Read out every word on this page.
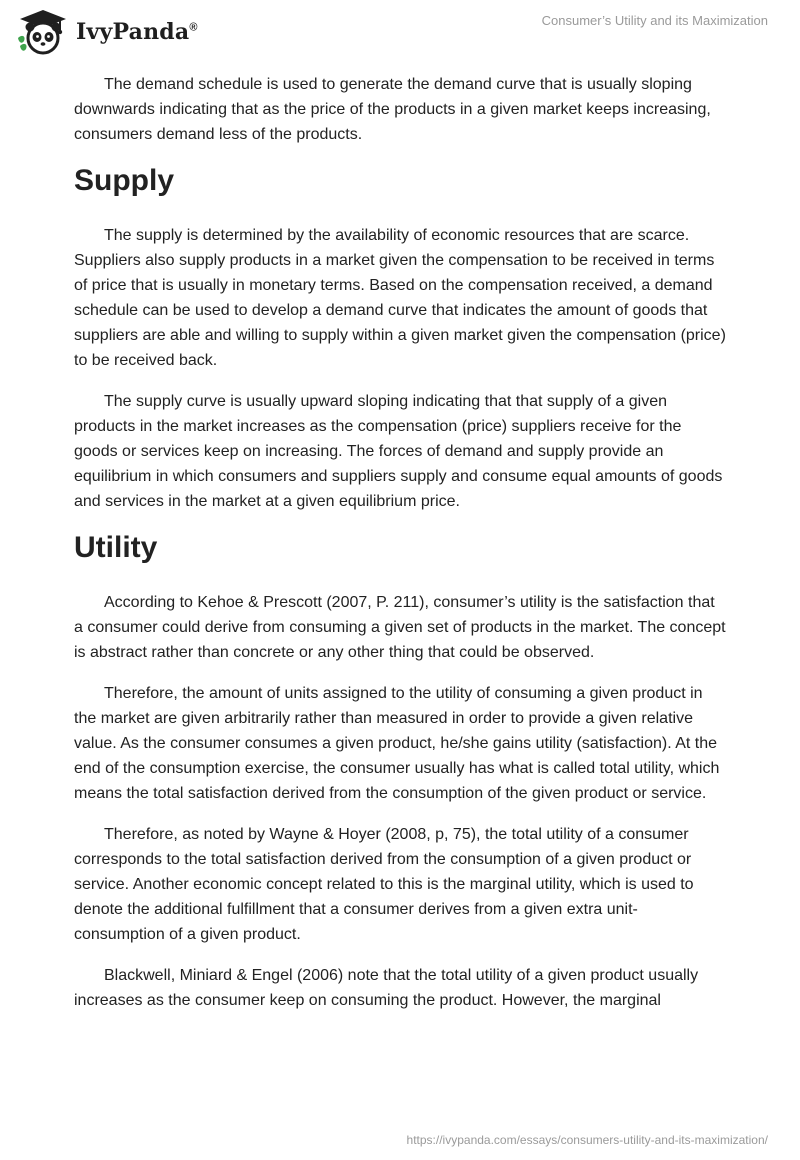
IvyPanda®	Consumer’s Utility and its Maximization

The demand schedule is used to generate the demand curve that is usually sloping downwards indicating that as the price of the products in a given market keeps increasing, consumers demand less of the products.

Supply

The supply is determined by the availability of economic resources that are scarce. Suppliers also supply products in a market given the compensation to be received in terms of price that is usually in monetary terms. Based on the compensation received, a demand schedule can be used to develop a demand curve that indicates the amount of goods that suppliers are able and willing to supply within a given market given the compensation (price) to be received back.

The supply curve is usually upward sloping indicating that that supply of a given products in the market increases as the compensation (price) suppliers receive for the goods or services keep on increasing. The forces of demand and supply provide an equilibrium in which consumers and suppliers supply and consume equal amounts of goods and services in the market at a given equilibrium price.

Utility

According to Kehoe & Prescott (2007, P. 211), consumer’s utility is the satisfaction that a consumer could derive from consuming a given set of products in the market. The concept is abstract rather than concrete or any other thing that could be observed.

Therefore, the amount of units assigned to the utility of consuming a given product in the market are given arbitrarily rather than measured in order to provide a given relative value. As the consumer consumes a given product, he/she gains utility (satisfaction). At the end of the consumption exercise, the consumer usually has what is called total utility, which means the total satisfaction derived from the consumption of the given product or service.

Therefore, as noted by Wayne & Hoyer (2008, p, 75), the total utility of a consumer corresponds to the total satisfaction derived from the consumption of a given product or service. Another economic concept related to this is the marginal utility, which is used to denote the additional fulfillment that a consumer derives from a given extra unit-consumption of a given product.

Blackwell, Miniard & Engel (2006) note that the total utility of a given product usually increases as the consumer keep on consuming the product. However, the marginal

https://ivypanda.com/essays/consumers-utility-and-its-maximization/
